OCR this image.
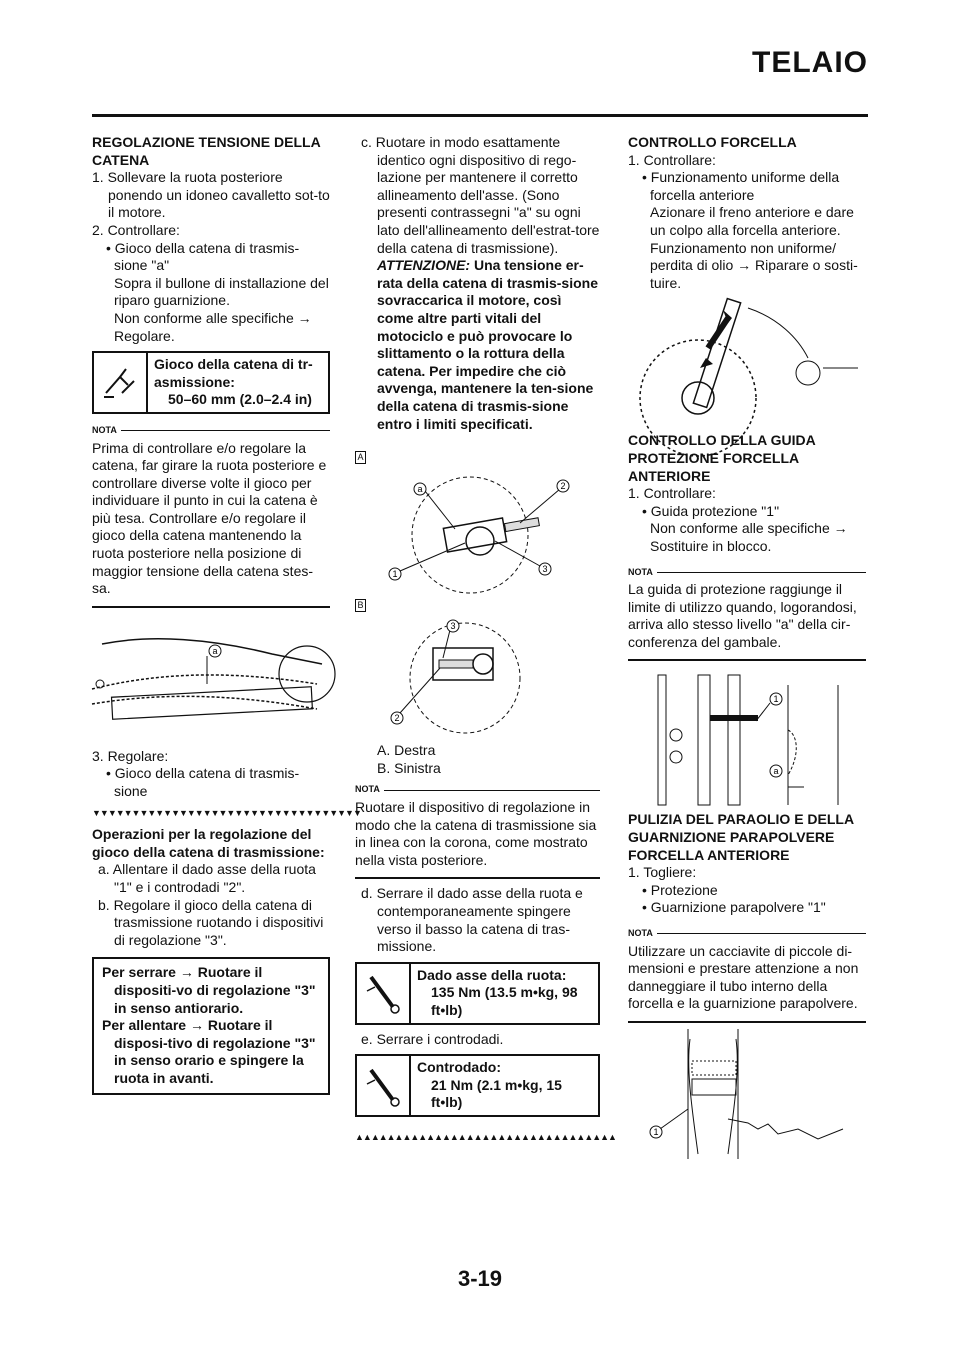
TELAIO

REGOLAZIONE TENSIONE DELLA CATENA

1. Sollevare la ruota posteriore ponendo un idoneo cavalletto sot-to il motore.

2. Controllare:

• Gioco della catena di trasmis-sione "a"

Sopra il bullone di installazione del riparo guarnizione.

Non conforme alle specifiche → Regolare.

Gioco della catena di tr-asmissione:
50–60 mm (2.0–2.4 in)
NOTA

Prima di controllare e/o regolare la catena, far girare la ruota posteriore e controllare diverse volte il gioco per individuare il punto in cui la catena è più tesa. Controllare e/o regolare il gioco della catena mantenendo la ruota posteriore nella posizione di maggior tensione della catena stes-sa.

a

3. Regolare:

• Gioco della catena di trasmis-sione

▼▼▼▼▼▼▼▼▼▼▼▼▼▼▼▼▼▼▼▼▼▼▼▼▼▼▼▼▼▼▼▼▼▼

Operazioni per la regolazione del gioco della catena di trasmissione:

a. Allentare il dado asse della ruota "1" e i controdadi "2".

b. Regolare il gioco della catena di trasmissione ruotando i dispositivi di regolazione "3".

Per serrare → Ruotare il dispositi-vo di regolazione "3" in senso antiorario.
Per allentare → Ruotare il disposi-tivo di regolazione "3" in senso orario e spingere la ruota in avanti.

c. Ruotare in modo esattamente identico ogni dispositivo di rego-lazione per mantenere il corretto allineamento dell'asse. (Sono presenti contrassegni "a" su ogni lato dell'allineamento dell'estrat-tore della catena di trasmissione).

ATTENZIONE: Una tensione er-rata della catena di trasmis-sione sovraccarica il motore, così come altre parti vitali del motociclo e può provocare lo slittamento o la rottura della catena. Per impedire che ciò avvenga, mantenere la ten-sione della catena di trasmis-sione entro i limiti specificati.

A
a	2
1	3
B
3
2

A. Destra

B. Sinistra

NOTA

Ruotare il dispositivo di regolazione in modo che la catena di trasmissione sia in linea con la corona, come mostrato nella vista posteriore.

d. Serrare il dado asse della ruota e contemporaneamente spingere verso il basso la catena di tras-missione.

Dado asse della ruota:
135 Nm (13.5 m•kg, 98 ft•lb)

e. Serrare i controdadi.

Controdado:
21 Nm (2.1 m•kg, 15 ft•lb)
▲▲▲▲▲▲▲▲▲▲▲▲▲▲▲▲▲▲▲▲▲▲▲▲▲▲▲▲▲▲▲▲▲

CONTROLLO FORCELLA

1. Controllare:

• Funzionamento uniforme della forcella anteriore

Azionare il freno anteriore e dare un colpo alla forcella anteriore. Funzionamento non uniforme/ perdita di olio → Riparare o sosti-tuire.

CONTROLLO DELLA GUIDA PROTEZIONE FORCELLA ANTERIORE

1. Controllare:

• Guida protezione "1"

Non conforme alle specifiche → Sostituire in blocco.

NOTA

La guida di protezione raggiunge il limite di utilizzo quando, logorandosi, arriva allo stesso livello "a" della cir-conferenza del gambale.

1
a

PULIZIA DEL PARAOLIO E DELLA GUARNIZIONE PARAPOLVERE FORCELLA ANTERIORE

1. Togliere:

• Protezione

• Guarnizione parapolvere "1"

NOTA

Utilizzare un cacciavite di piccole di-mensioni e prestare attenzione a non danneggiare il tubo interno della forcella e la guarnizione parapolvere.

1
3-19
